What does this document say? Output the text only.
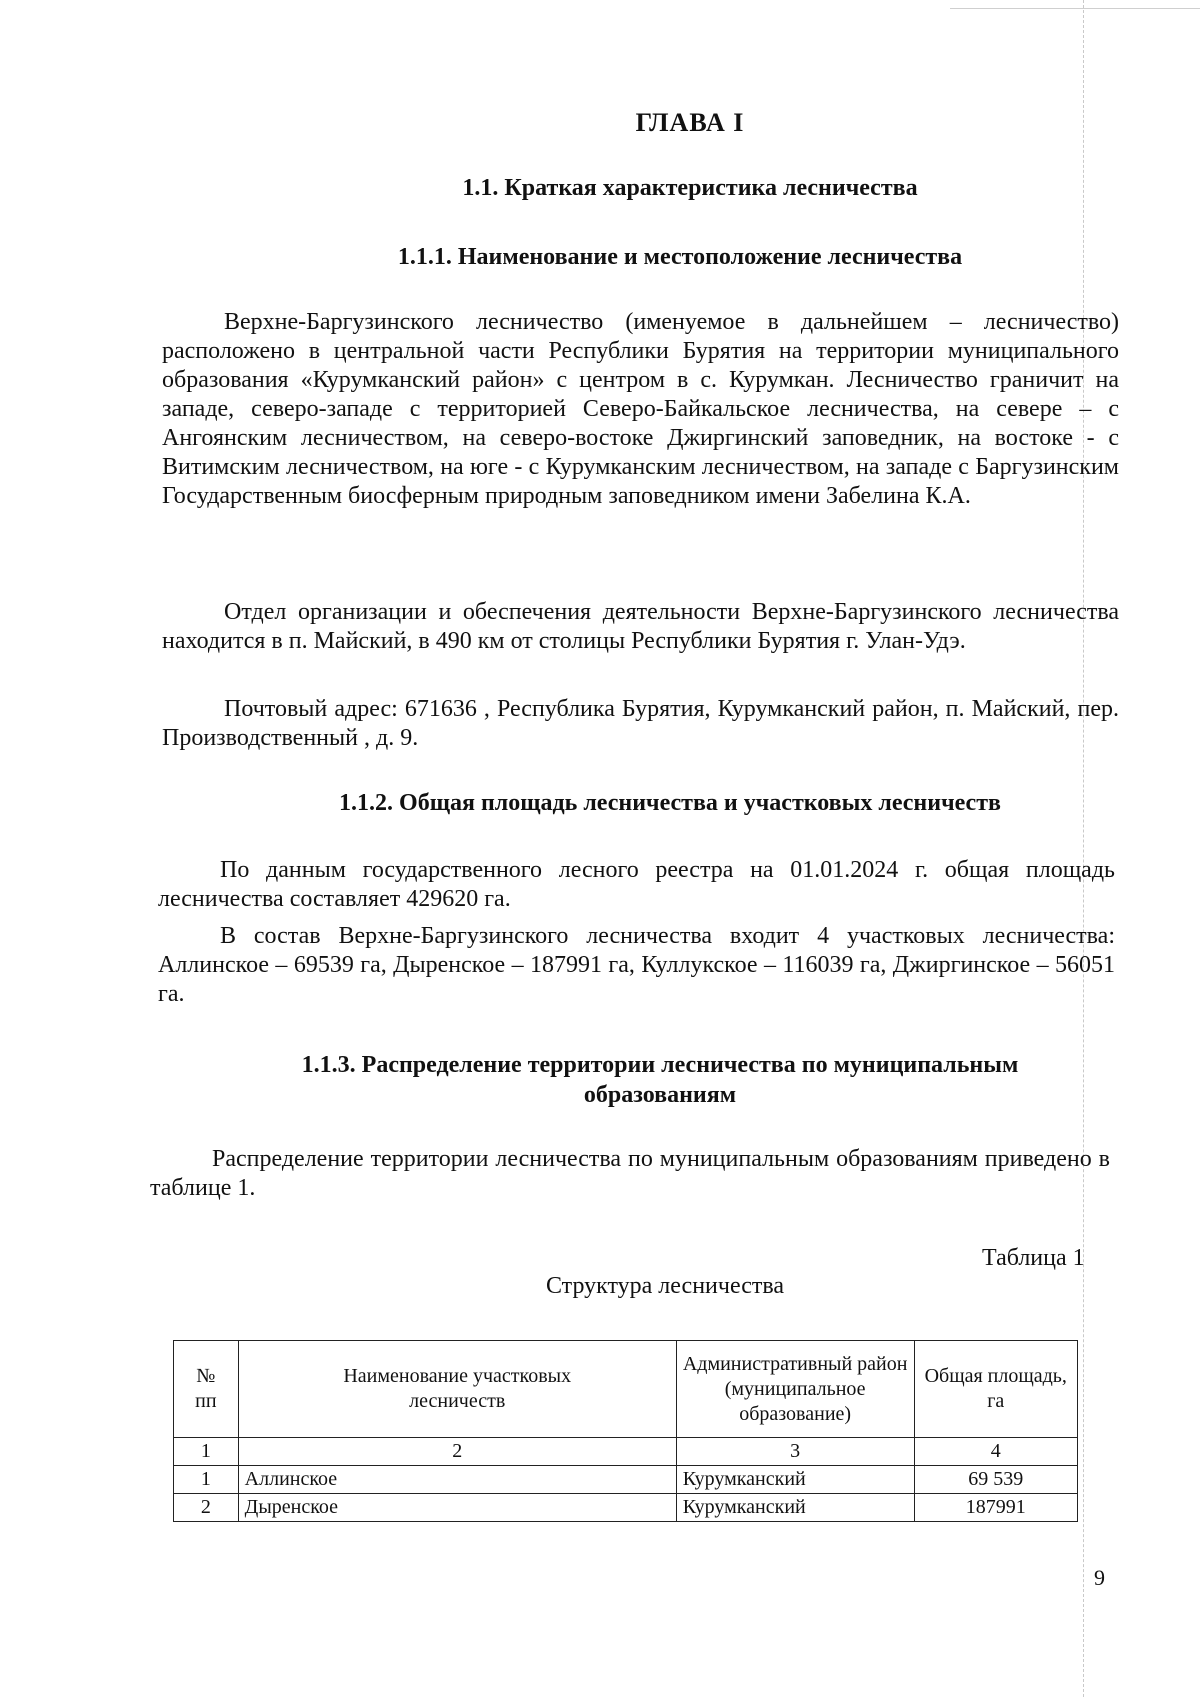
ГЛАВА I
1.1. Краткая характеристика лесничества
1.1.1. Наименование и местоположение лесничества
Верхне-Баргузинского лесничество (именуемое в дальнейшем – лесничество) расположено в центральной части Республики Бурятия на территории муниципального образования «Курумканский район» с центром в с. Курумкан. Лесничество граничит на западе, северо-западе с территорией Северо-Байкальское лесничества, на севере – с Ангоянским лесничеством, на северо-востоке Джиргинский заповедник, на востоке - с Витимским лесничеством, на юге - с Курумканским лесничеством, на западе с Баргузинским Государственным биосферным природным заповедником имени Забелина К.А.
Отдел организации и обеспечения деятельности Верхне-Баргузинского лесничества находится в п. Майский, в 490 км от столицы Республики Бурятия г. Улан-Удэ.
Почтовый адрес: 671636 , Республика Бурятия, Курумканский район, п. Майский, пер. Производственный , д. 9.
1.1.2. Общая площадь лесничества и участковых лесничеств
По данным государственного лесного реестра на 01.01.2024 г. общая площадь лесничества составляет 429620 га.
В состав Верхне-Баргузинского лесничества входит 4 участковых лесничества: Аллинское – 69539 га, Дыренское – 187991 га, Куллукское – 116039 га, Джиргинское – 56051 га.
1.1.3. Распределение территории лесничества по муниципальным
образованиям
Распределение территории лесничества по муниципальным образованиям приведено в таблице 1.
Таблица 1
Структура лесничества
№
пп	Наименование участковых лесничеств	Административный район (муниципальное образование)	Общая площадь, га
1	2	3	4
1	Аллинское	Курумканский	69 539
2	Дыренское	Курумканский	187991
9
